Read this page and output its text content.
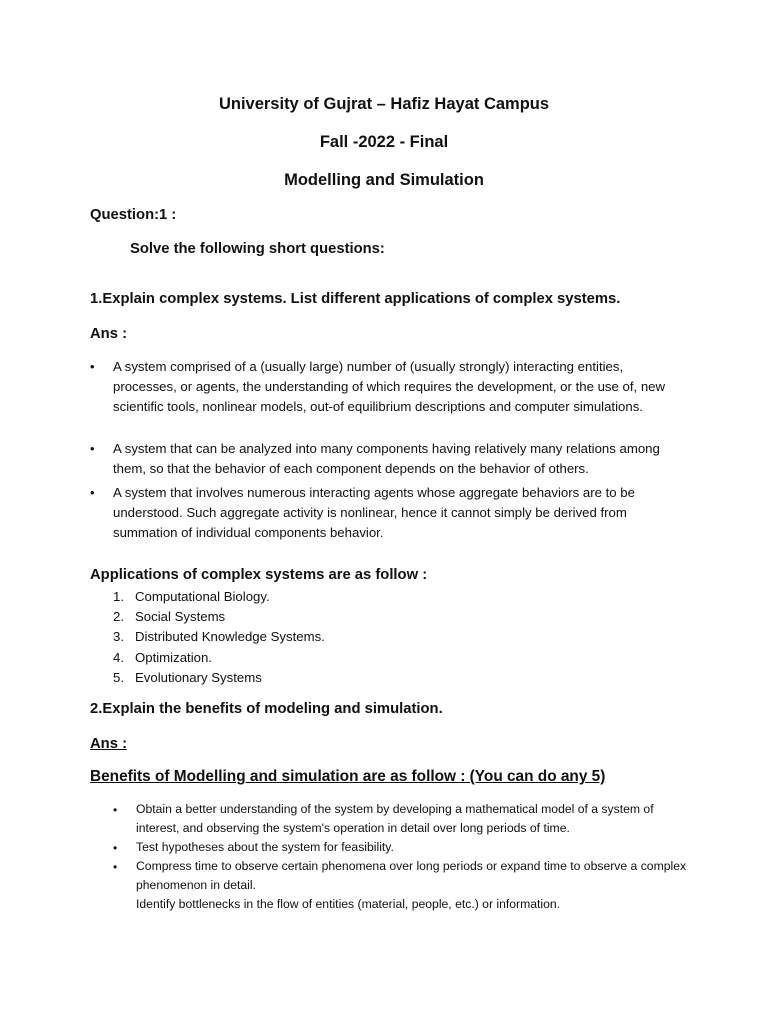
University of Gujrat – Hafiz Hayat Campus
Fall -2022 - Final
Modelling and Simulation
Question:1 :
Solve the following short questions:
1.Explain complex systems. List different applications of complex systems.
Ans :
• A system comprised of a (usually large) number of (usually strongly) interacting entities, processes, or agents, the understanding of which requires the development, or the use of, new scientific tools, nonlinear models, out-of equilibrium descriptions and computer simulations.
• A system that can be analyzed into many components having relatively many relations among them, so that the behavior of each component depends on the behavior of others.
• A system that involves numerous interacting agents whose aggregate behaviors are to be understood. Such aggregate activity is nonlinear, hence it cannot simply be derived from summation of individual components behavior.
Applications of complex systems are as follow :
1. Computational Biology.
2. Social Systems
3. Distributed Knowledge Systems.
4. Optimization.
5. Evolutionary Systems
2.Explain the benefits of modeling and simulation.
Ans :
Benefits of Modelling and simulation are as follow : (You can do any 5)
• Obtain a better understanding of the system by developing a mathematical model of a system of interest, and observing the system's operation in detail over long periods of time.
• Test hypotheses about the system for feasibility.
• Compress time to observe certain phenomena over long periods or expand time to observe a complex phenomenon in detail.
Identify bottlenecks in the flow of entities (material, people, etc.) or information.
